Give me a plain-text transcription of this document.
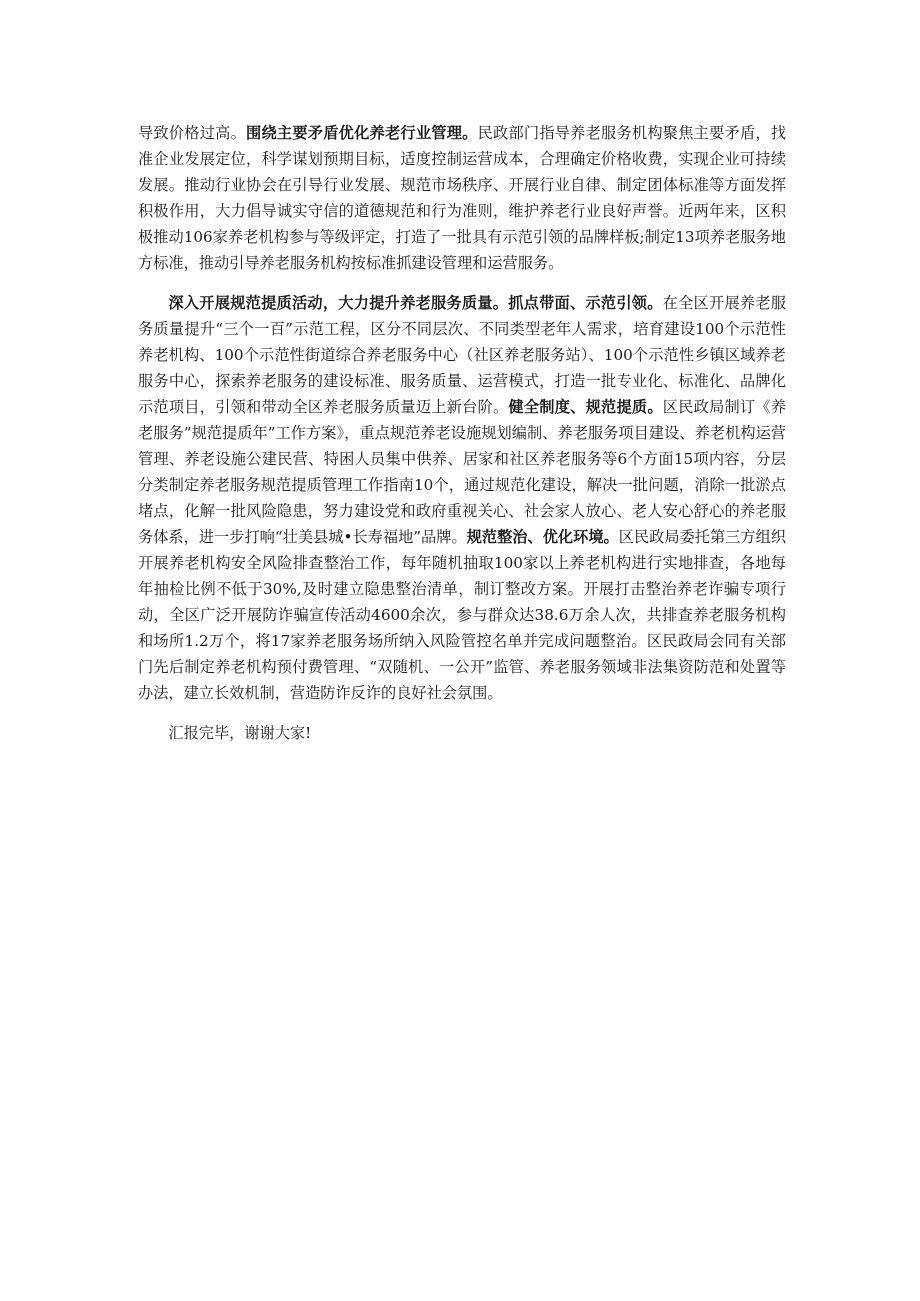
导致价格过高。围绕主要矛盾优化养老行业管理。民政部门指导养老服务机构聚焦主要矛盾，找准企业发展定位，科学谋划预期目标，适度控制运营成本，合理确定价格收费，实现企业可持续发展。推动行业协会在引导行业发展、规范市场秩序、开展行业自律、制定团体标准等方面发挥积极作用，大力倡导诚实守信的道德规范和行为准则，维护养老行业良好声誉。近两年来，区积极推动106家养老机构参与等级评定，打造了一批具有示范引领的品牌样板;制定13项养老服务地方标准，推动引导养老服务机构按标准抓建设管理和运营服务。

深入开展规范提质活动，大力提升养老服务质量。抓点带面、示范引领。在全区开展养老服务质量提升“三个一百”示范工程，区分不同层次、不同类型老年人需求，培育建设100个示范性养老机构、100个示范性街道综合养老服务中心（社区养老服务站）、100个示范性乡镇区域养老服务中心，探索养老服务的建设标准、服务质量、运营模式，打造一批专业化、标准化、品牌化示范项目，引领和带动全区养老服务质量迈上新台阶。健全制度、规范提质。区民政局制订《养老服务”规范提质年”工作方案》，重点规范养老设施规划编制、养老服务项目建设、养老机构运营管理、养老设施公建民营、特困人员集中供养、居家和社区养老服务等6个方面15项内容，分层分类制定养老服务规范提质管理工作指南10个，通过规范化建设，解决一批问题，消除一批淤点堵点，化解一批风险隐患，努力建设党和政府重视关心、社会家人放心、老人安心舒心的养老服务体系，进一步打响“壮美县城•长寿福地”品牌。规范整治、优化环境。区民政局委托第三方组织开展养老机构安全风险排查整治工作，每年随机抽取100家以上养老机构进行实地排查，各地每年抽检比例不低于30%,及时建立隐患整治清单，制订整改方案。开展打击整治养老诈骗专项行动，全区广泛开展防诈骗宣传活动4600余次，参与群众达38.6万余人次，共排查养老服务机构和场所1.2万个，将17家养老服务场所纳入风险管控名单并完成问题整治。区民政局会同有关部门先后制定养老机构预付费管理、“双随机、一公开”监管、养老服务领域非法集资防范和处置等办法，建立长效机制，营造防诈反诈的良好社会氛围。

汇报完毕，谢谢大家!
